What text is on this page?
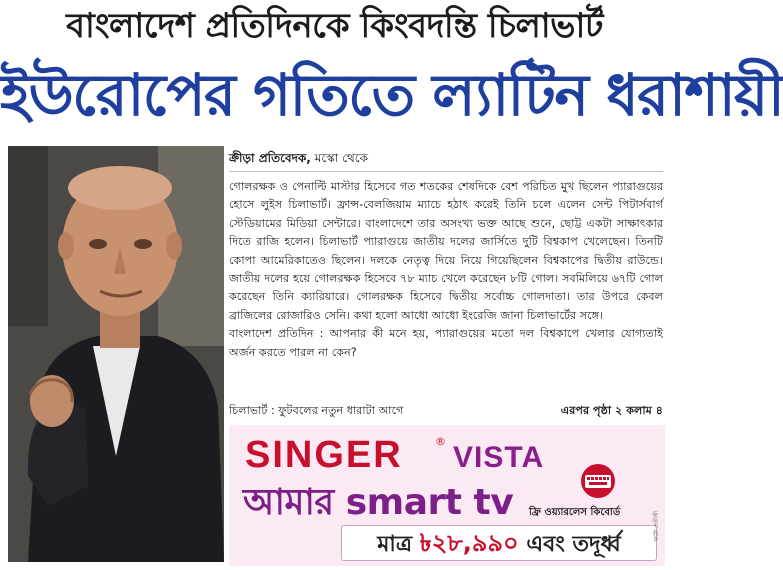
বাংলাদেশ প্রতিদিনকে কিংবদন্তি চিলাভার্ট
ইউরোপের গতিতে ল্যাটিন ধরাশায়ী
ক্রীড়া প্রতিবেদক, মস্কো থেকে

গোলরক্ষক ও পেনাল্টি মাস্টার হিসেবে গত শতকের শেষদিকে বেশ পরিচিত মুখ ছিলেন প্যারাগুয়ের হোসে লুইস চিলাভার্ট। ফ্রান্স-বেলজিয়াম ম্যাচে হঠাৎ করেই তিনি চলে এলেন সেন্ট পিটার্সবার্গ স্টেডিয়ামের মিডিয়া সেন্টারে। বাংলাদেশে তার অসংখ্য ভক্ত আছে শুনে, ছোট্ট একটা সাক্ষাৎকার দিতে রাজি হলেন। চিলাভার্ট প্যারাগুয়ে জাতীয় দলের জার্সিতে দুটি বিশ্বকাপ খেলেছেন। তিনটি কোপা আমেরিকাতেও ছিলেন। দলকে নেতৃত্ব দিয়ে নিয়ে গিয়েছিলেন বিশ্বকাপের দ্বিতীয় রাউন্ডে। জাতীয় দলের হয়ে গোলরক্ষক হিসেবে ৭৮ ম্যাচ খেলে করেছেন ৮টি গোল। সবমিলিয়ে ৬৭টি গোল করেছেন তিনি ক্যারিয়ারে। গোলরক্ষক হিসেবে দ্বিতীয় সর্বোচ্চ গোলদাতা। তার উপরে কেবল ব্রাজিলের রোজারিও সেনি। কথা হলো আধো আধো ইংরেজি জানা চিলাভার্টের সঙ্গে।

বাংলাদেশ প্রতিদিন : আপনার কী মনে হয়, প্যারাগুয়ের মতো দল বিশ্বকাপে খেলার যোগ্যতাই অর্জন করতে পারল না কেন?

চিলাভার্ট : ফুটবলের নতুন ধারাটা আগে	এরপর পৃষ্ঠা ২ কলাম ৪
SINGER	® VISTA
আমার smart tv ফ্রি ওয়্যারলেস কিবোর্ড
মাত্র ৳২৮,৯৯০ এবং তদূর্ধ্ব
ফটো প্রতীকী
